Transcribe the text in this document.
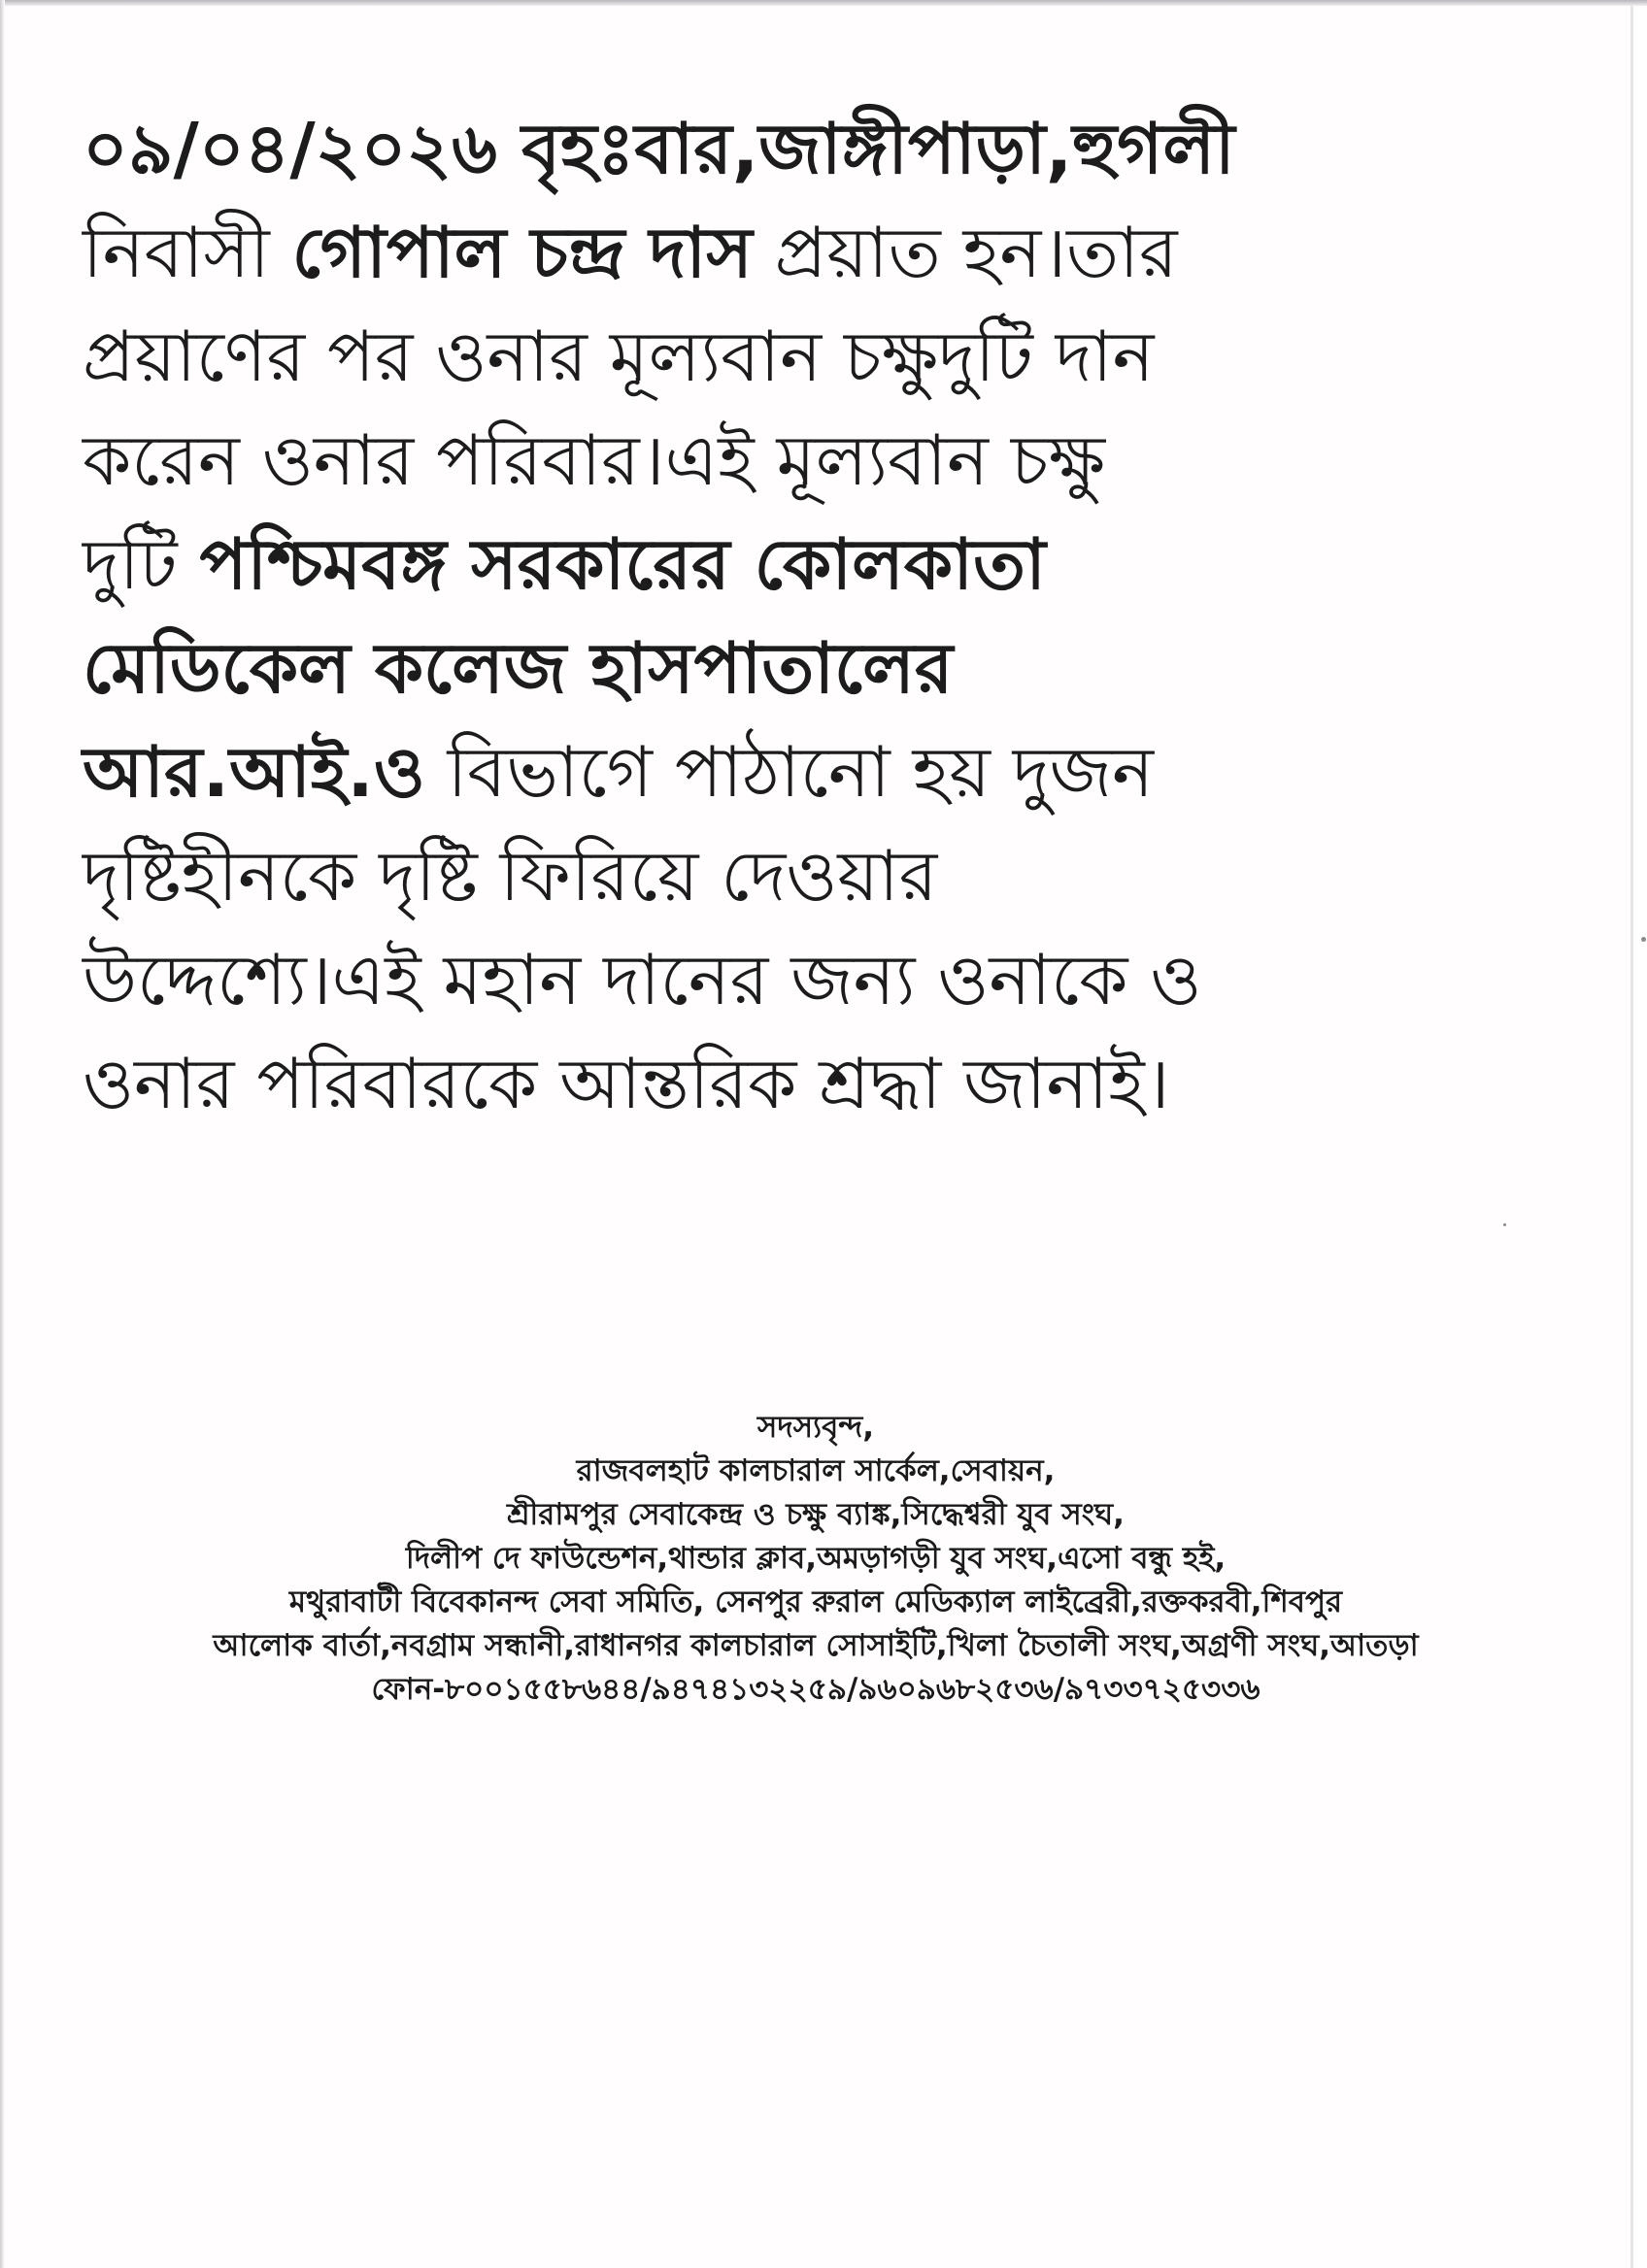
০৯/০৪/২০২৬ বৃহঃবার,জাঙ্গীপাড়া,হুগলী
নিবাসী গোপাল চন্দ্র দাস প্রয়াত হন।তার
প্রয়াণের পর ওনার মূল্যবান চক্ষুদুটি দান
করেন ওনার পরিবার।এই মূল্যবান চক্ষু
দুটি পশ্চিমবঙ্গ সরকারের কোলকাতা
মেডিকেল কলেজ হাসপাতালের
আর.আই.ও বিভাগে পাঠানো হয় দুজন
দৃষ্টিহীনকে দৃষ্টি ফিরিয়ে দেওয়ার
উদ্দেশ্যে।এই মহান দানের জন্য ওনাকে ও
ওনার পরিবারকে আন্তরিক শ্রদ্ধা জানাই।
সদস্যবৃন্দ,
রাজবলহাট কালচারাল সার্কেল,সেবায়ন,
শ্রীরামপুর সেবাকেন্দ্র ও চক্ষু ব্যাঙ্ক,সিদ্ধেশ্বরী যুব সংঘ,
দিলীপ দে ফাউন্ডেশন,থান্ডার ক্লাব,অমড়াগড়ী যুব সংঘ,এসো বন্ধু হই,
মথুরাবাটী বিবেকানন্দ সেবা সমিতি, সেনপুর রুরাল মেডিক্যাল লাইব্রেরী,রক্তকরবী,শিবপুর
আলোক বার্তা,নবগ্রাম সন্ধানী,রাধানগর কালচারাল সোসাইটি,খিলা চৈতালী সংঘ,অগ্রণী সংঘ,আতড়া
ফোন-৮০০১৫৫৮৬৪৪/৯৪৭৪১৩২২৫৯/৯৬০৯৬৮২৫৩৬/৯৭৩৩৭২৫৩৩৬
